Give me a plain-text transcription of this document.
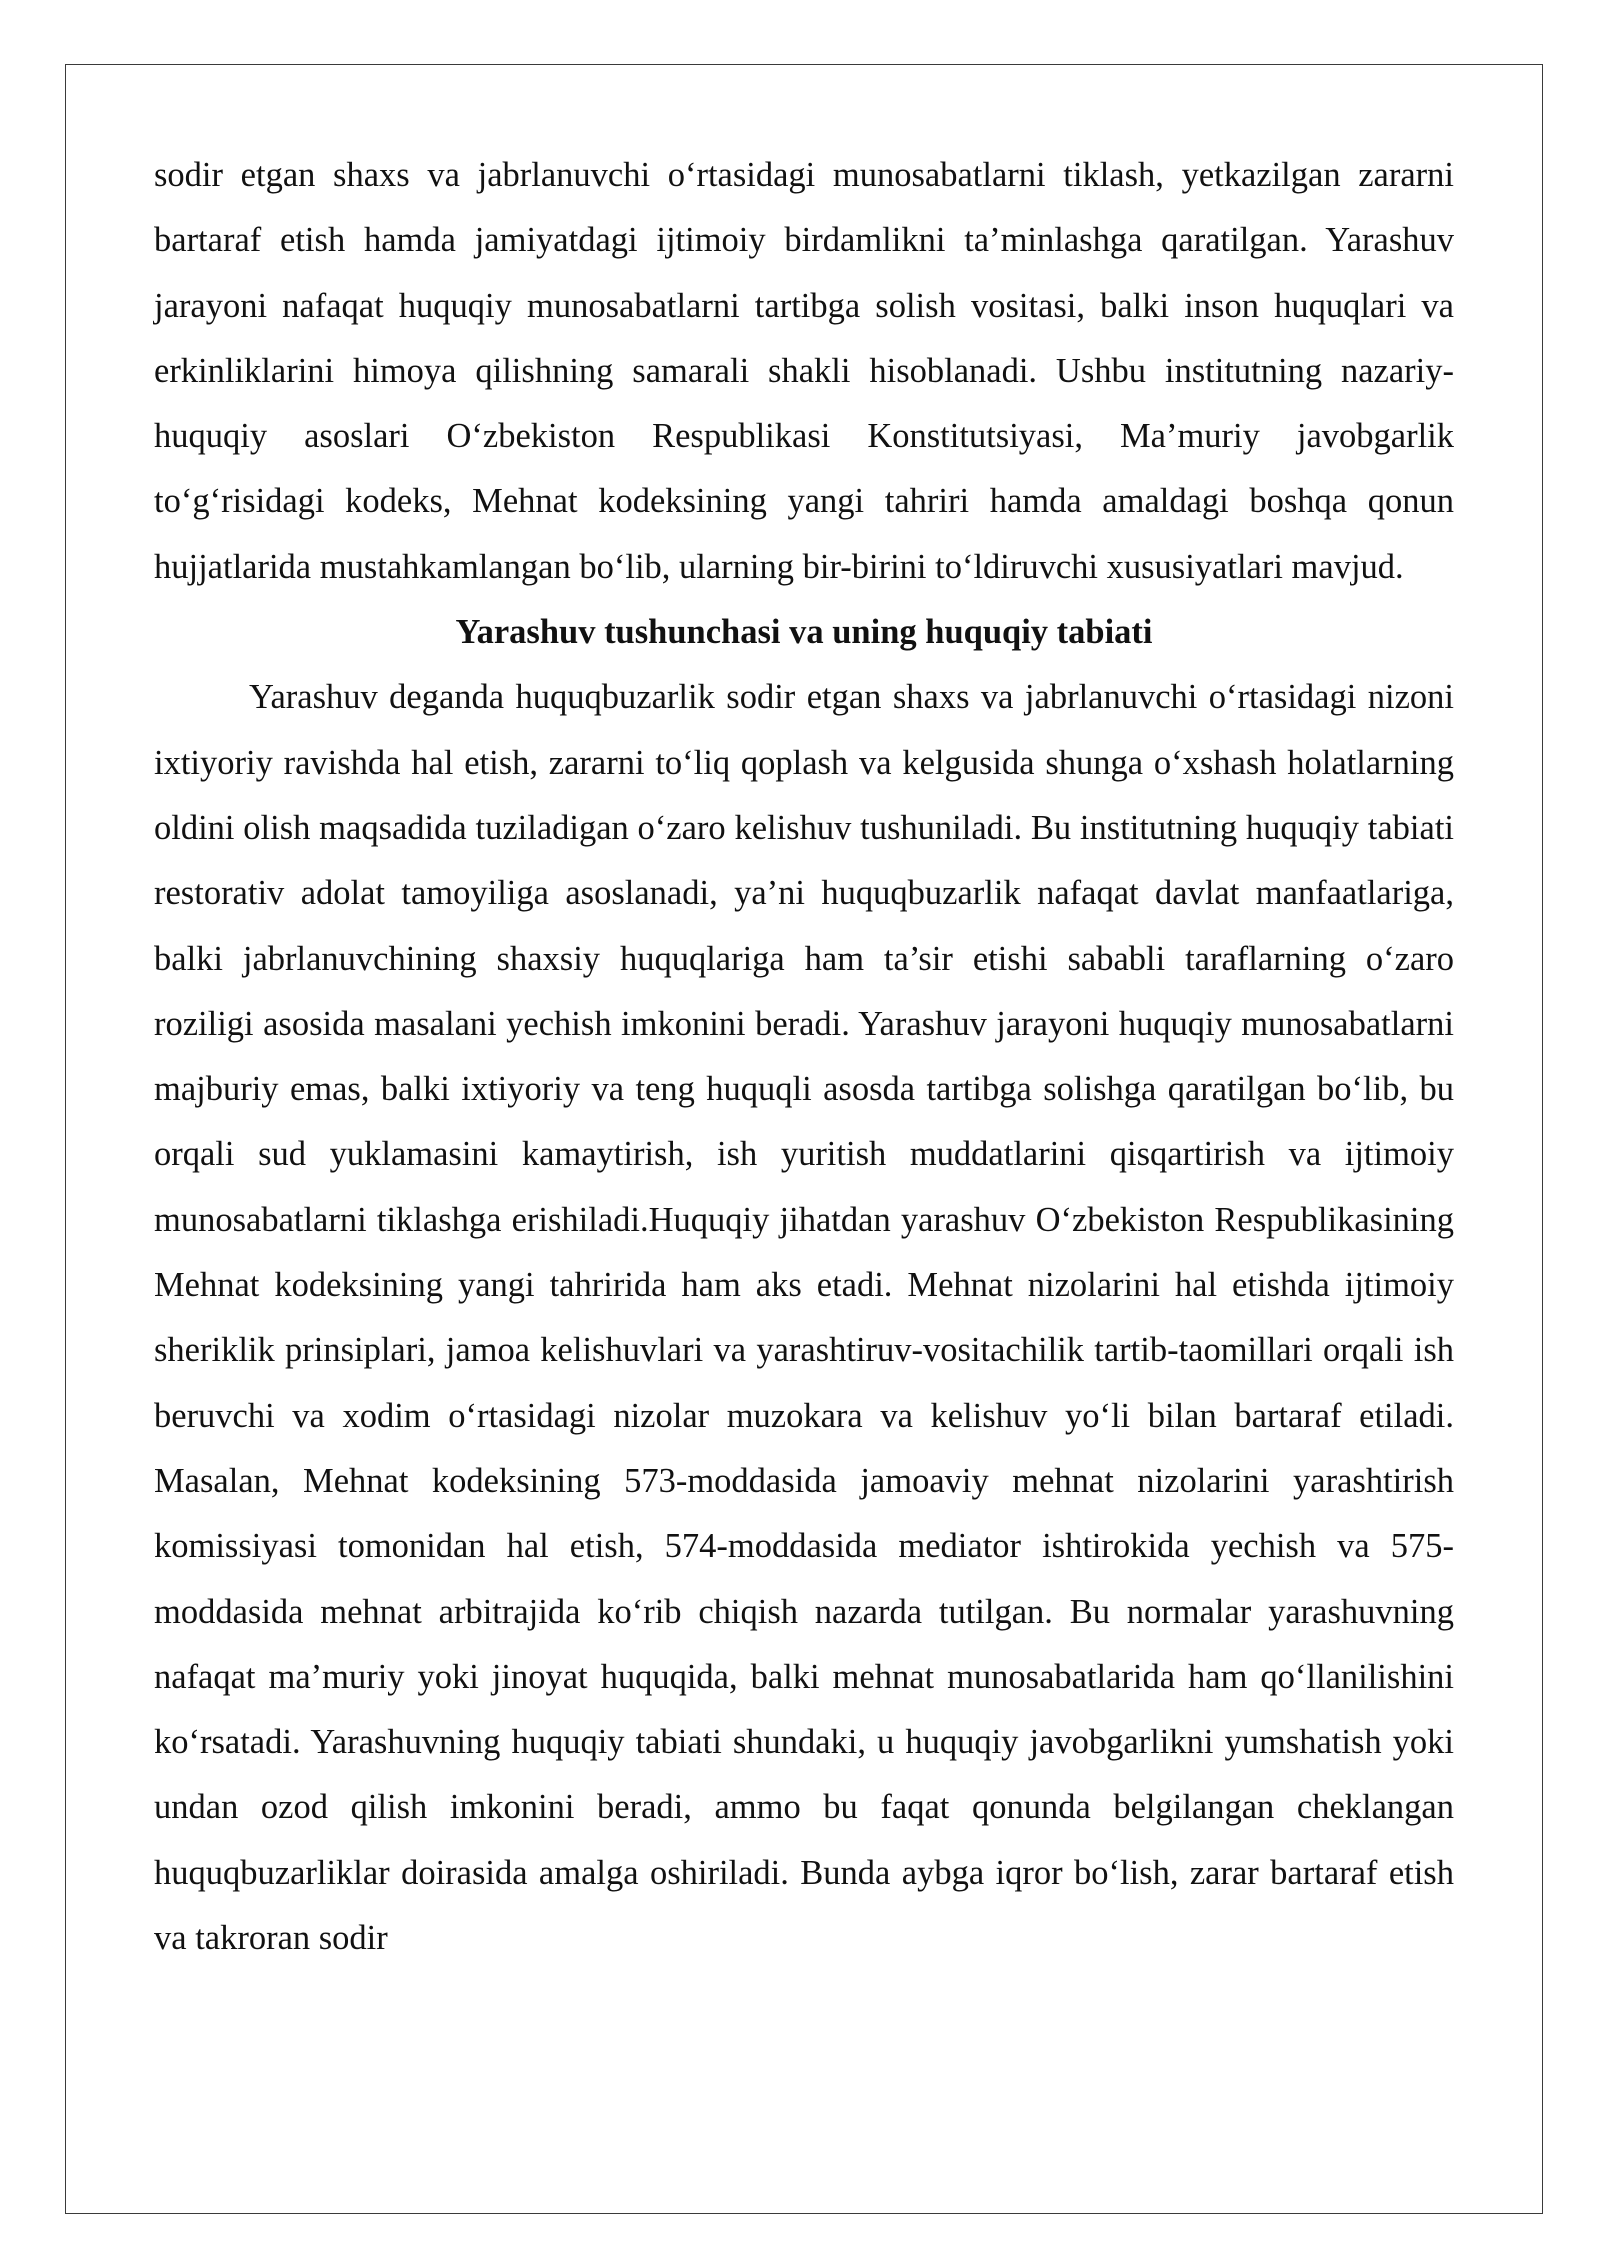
sodir etgan shaxs va jabrlanuvchi o‘rtasidagi munosabatlarni tiklash, yetkazilgan zararni bartaraf etish hamda jamiyatdagi ijtimoiy birdamlikni ta’minlashga qaratilgan. Yarashuv jarayoni nafaqat huquqiy munosabatlarni tartibga solish vositasi, balki inson huquqlari va erkinliklarini himoya qilishning samarali shakli hisoblanadi. Ushbu institutning nazariy-huquqiy asoslari O‘zbekiston Respublikasi Konstitutsiyasi, Ma’muriy javobgarlik to‘g‘risidagi kodeks, Mehnat kodeksining yangi tahriri hamda amaldagi boshqa qonun hujjatlarida mustahkamlangan bo‘lib, ularning bir-birini to‘ldiruvchi xususiyatlari mavjud.

Yarashuv tushunchasi va uning huquqiy tabiati

Yarashuv deganda huquqbuzarlik sodir etgan shaxs va jabrlanuvchi o‘rtasidagi nizoni ixtiyoriy ravishda hal etish, zararni to‘liq qoplash va kelgusida shunga o‘xshash holatlarning oldini olish maqsadida tuziladigan o‘zaro kelishuv tushuniladi. Bu institutning huquqiy tabiati restorativ adolat tamoyiliga asoslanadi, ya’ni huquqbuzarlik nafaqat davlat manfaatlariga, balki jabrlanuvchining shaxsiy huquqlariga ham ta’sir etishi sababli taraflarning o‘zaro roziligi asosida masalani yechish imkonini beradi. Yarashuv jarayoni huquqiy munosabatlarni majburiy emas, balki ixtiyoriy va teng huquqli asosda tartibga solishga qaratilgan bo‘lib, bu orqali sud yuklamasini kamaytirish, ish yuritish muddatlarini qisqartirish va ijtimoiy munosabatlarni tiklashga erishiladi.Huquqiy jihatdan yarashuv O‘zbekiston Respublikasining Mehnat kodeksining yangi tahririda ham aks etadi. Mehnat nizolarini hal etishda ijtimoiy sheriklik prinsiplari, jamoa kelishuvlari va yarashtiruv-vositachilik tartib-taomillari orqali ish beruvchi va xodim o‘rtasidagi nizolar muzokara va kelishuv yo‘li bilan bartaraf etiladi. Masalan, Mehnat kodeksining 573-moddasida jamoaviy mehnat nizolarini yarashtirish komissiyasi tomonidan hal etish, 574-moddasida mediator ishtirokida yechish va 575-moddasida mehnat arbitrajida ko‘rib chiqish nazarda tutilgan. Bu normalar yarashuvning nafaqat ma’muriy yoki jinoyat huquqida, balki mehnat munosabatlarida ham qo‘llanilishini ko‘rsatadi. Yarashuvning huquqiy tabiati shundaki, u huquqiy javobgarlikni yumshatish yoki undan ozod qilish imkonini beradi, ammo bu faqat qonunda belgilangan cheklangan huquqbuzarliklar doirasida amalga oshiriladi. Bunda aybga iqror bo‘lish, zarar bartaraf etish va takroran sodir
